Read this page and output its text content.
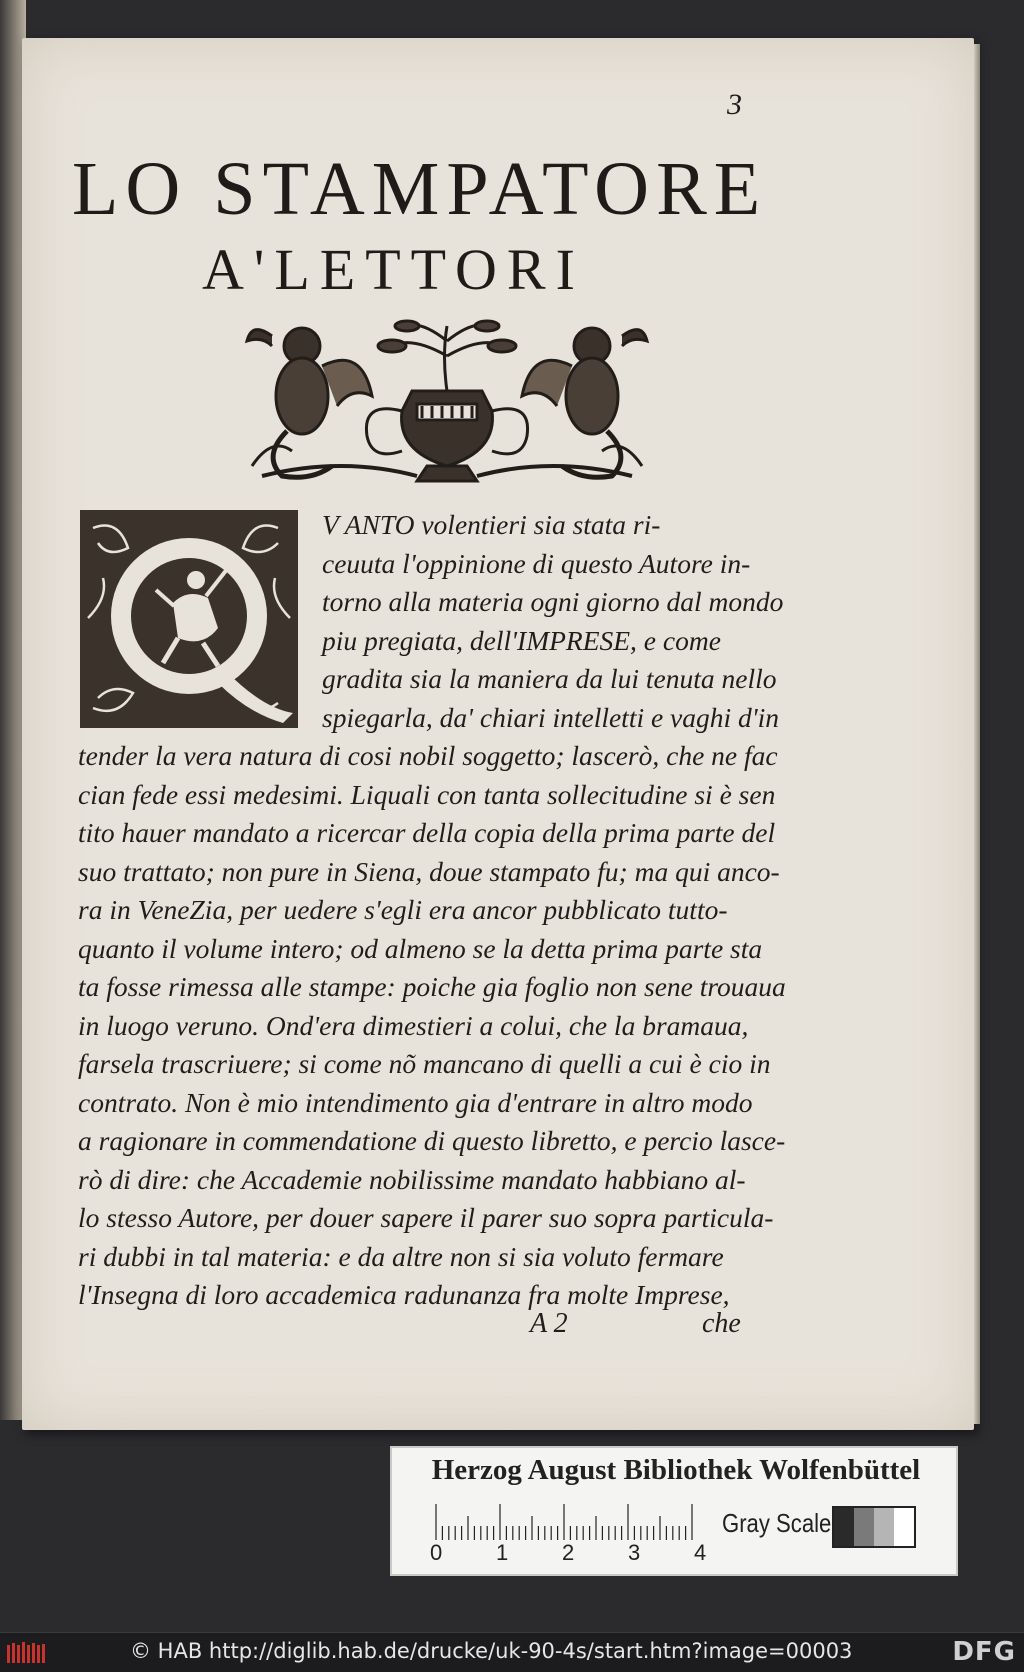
3
LO STAMPATORE
A'LETTORI
Q
V ANTO volentieri sia stata ri-
ceuuta l'oppinione di questo Autore in-
torno alla materia ogni giorno dal mondo
piu pregiata, dell'IMPRESE, e come
gradita sia la maniera da lui tenuta nello
spiegarla, da' chiari intelletti e vaghi d'in
tender la vera natura di cosi nobil soggetto; lascerò, che ne fac
cian fede essi medesimi. Liquali con tanta sollecitudine si è sen
tito hauer mandato a ricercar della copia della prima parte del
suo trattato; non pure in Siena, doue stampato fu; ma qui anco-
ra in VeneZia, per uedere s'egli era ancor pubblicato tutto-
quanto il volume intero; od almeno se la detta prima parte sta
ta fosse rimessa alle stampe: poiche gia foglio non sene trouaua
in luogo veruno. Ond'era dimestieri a colui, che la bramaua,
farsela trascriuere; si come nõ mancano di quelli a cui è cio in
contrato. Non è mio intendimento gia d'entrare in altro modo
a ragionare in commendatione di questo libretto, e percio lasce-
rò di dire: che Accademie nobilissime mandato habbiano al-
lo stesso Autore, per douer sapere il parer suo sopra particula-
ri dubbi in tal materia: e da altre non si sia voluto fermare
l'Insegna di loro accademica radunanza fra molte Imprese,
A 2	che
Herzog August Bibliothek Wolfenbüttel
0 1 2 3 4
Gray Scale
© HAB http://diglib.hab.de/drucke/uk-90-4s/start.htm?image=00003	DFG
